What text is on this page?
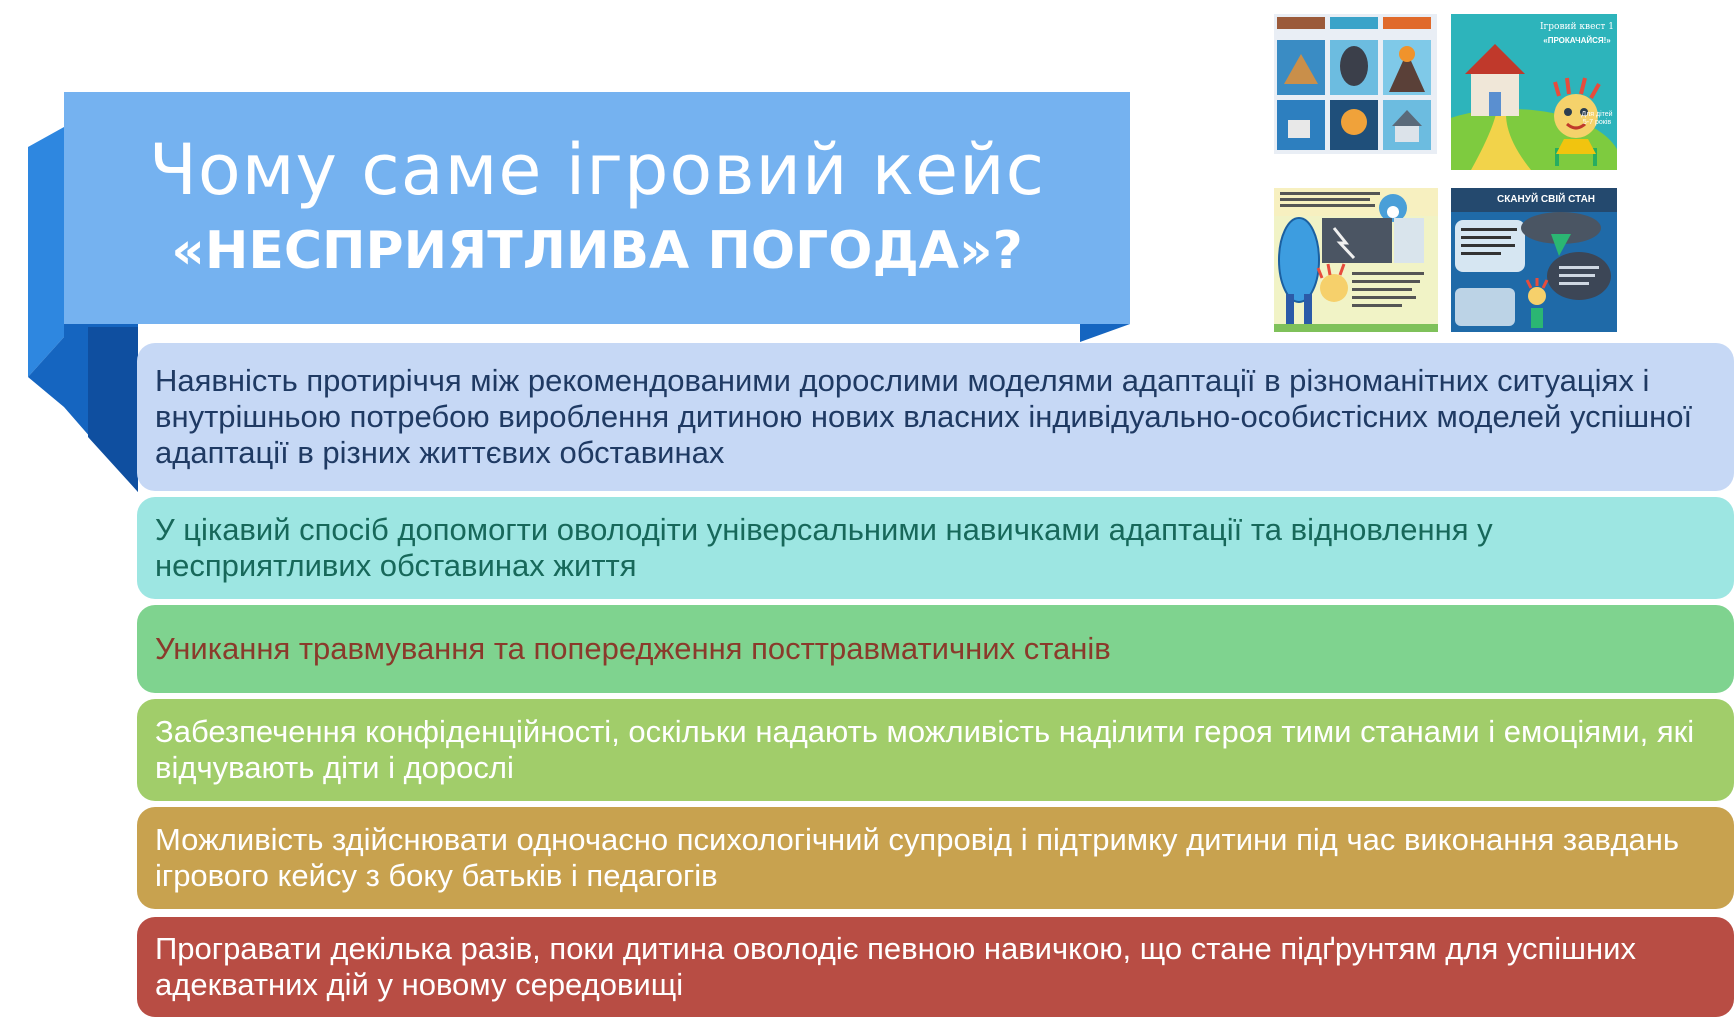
Чому саме ігровий кейс
«НЕСПРИЯТЛИВА ПОГОДА»?
Наявність протиріччя між рекомендованими дорослими моделями адаптації в різноманітних ситуаціях і внутрішньою потребою вироблення дитиною нових власних індивідуально-особистісних моделей успішної адаптації в різних життєвих обставинах
У цікавий спосіб допомогти оволодіти універсальними навичками адаптації та відновлення у несприятливих обставинах життя
Уникання травмування та попередження посттравматичних станів
Забезпечення конфіденційності, оскільки надають можливість наділити героя тими станами і емоціями, які відчувають діти і дорослі
Можливість здійснювати одночасно психологічний супровід і підтримку дитини під час виконання завдань ігрового кейсу з боку батьків і педагогів
Програвати декілька разів, поки дитина оволодіє певною навичкою, що стане підґрунтям для успішних адекватних дій у новому середовищі
Ігровий квест 1
«ПРОКАЧАЙСЯ!»
Для дітей 5-7 років
СКАНУЙ СВІЙ СТАН
